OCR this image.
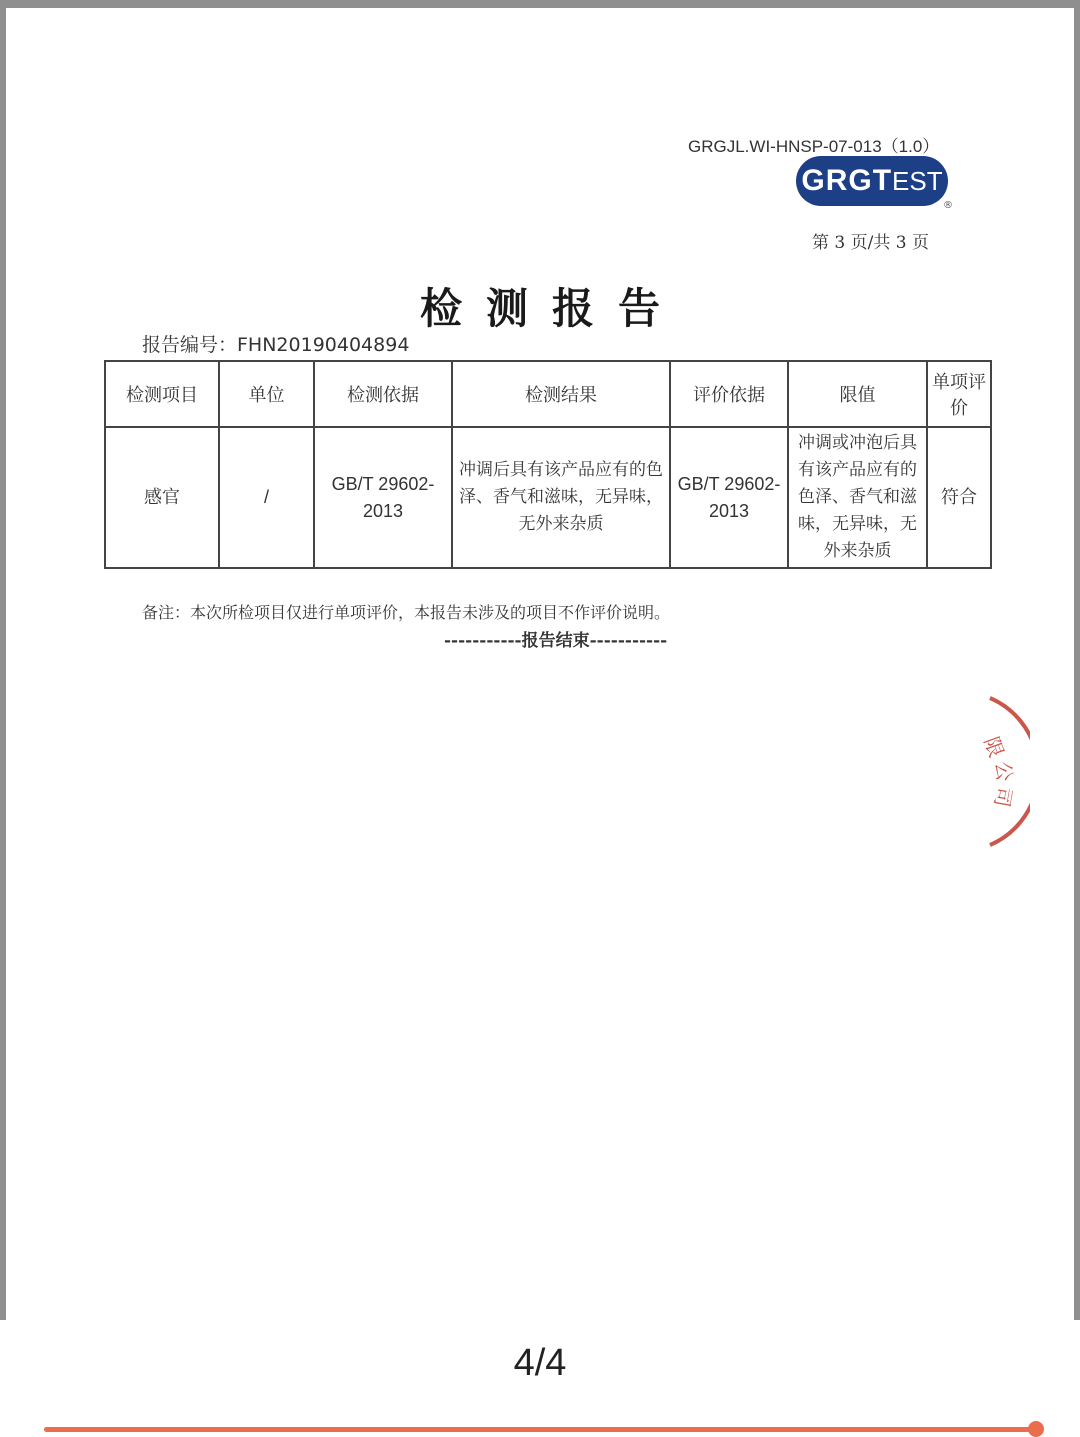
GRGJL.WI-HNSP-07-013（1.0）
GRGTEST
®
第 3 页/共 3 页
检测报告
报告编号：FHN20190404894
检测项目	单位	检测依据	检测结果	评价依据	限值	单项评价
感官	/	GB/T 29602-2013	冲调后具有该产品应有的色泽、香气和滋味，无异味，无外来杂质	GB/T 29602-2013	冲调或冲泡后具有该产品应有的色泽、香气和滋味，无异味，无外来杂质	符合
备注：本次所检项目仅进行单项评价，本报告未涉及的项目不作评价说明。
-----------报告结束-----------
限
公
司
4/4
